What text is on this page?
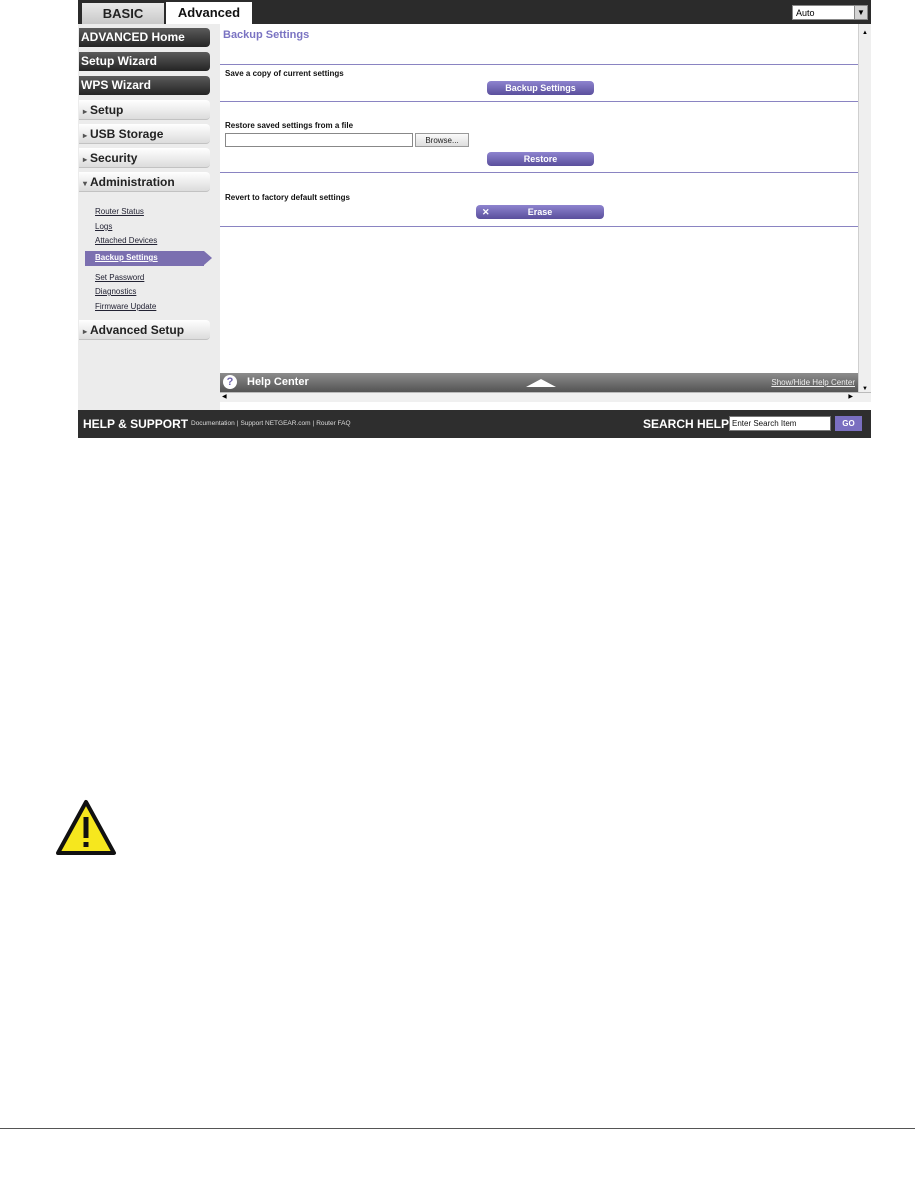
BASIC	Advanced	Auto	▼
ADVANCED Home
Setup Wizard
WPS Wizard
▸ Setup
▸ USB Storage
▸ Security
▾ Administration
Router Status
Logs
Attached Devices
Backup Settings
Set Password
Diagnostics
Firmware Update
▸ Advanced Setup
Backup Settings
Save a copy of current settings
Backup Settings
Restore saved settings from a file
Browse...
Restore
Revert to factory default settings
✕	Erase
▲
▼
?	Help Center	Show/Hide Help Center
◀	▶
HELP & SUPPORT Documentation | Support NETGEAR.com | Router FAQ	SEARCH HELP Enter Search Item	GO
